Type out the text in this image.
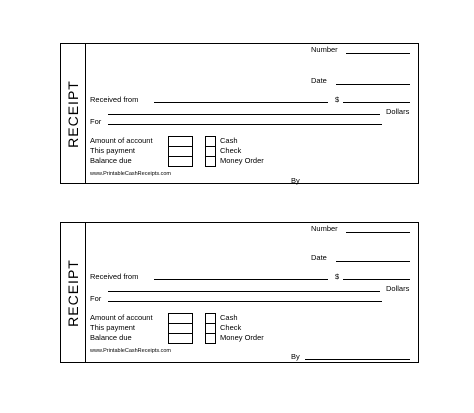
RECEIPT
Number
Date
Received from	$
Dollars
For
Amount of account
This payment
Balance due
Cash
Check
Money Order
www.PrintableCashReceipts.com
By
RECEIPT
Number
Date
Received from	$
Dollars
For
Amount of account
This payment
Balance due
Cash
Check
Money Order
www.PrintableCashReceipts.com
By
